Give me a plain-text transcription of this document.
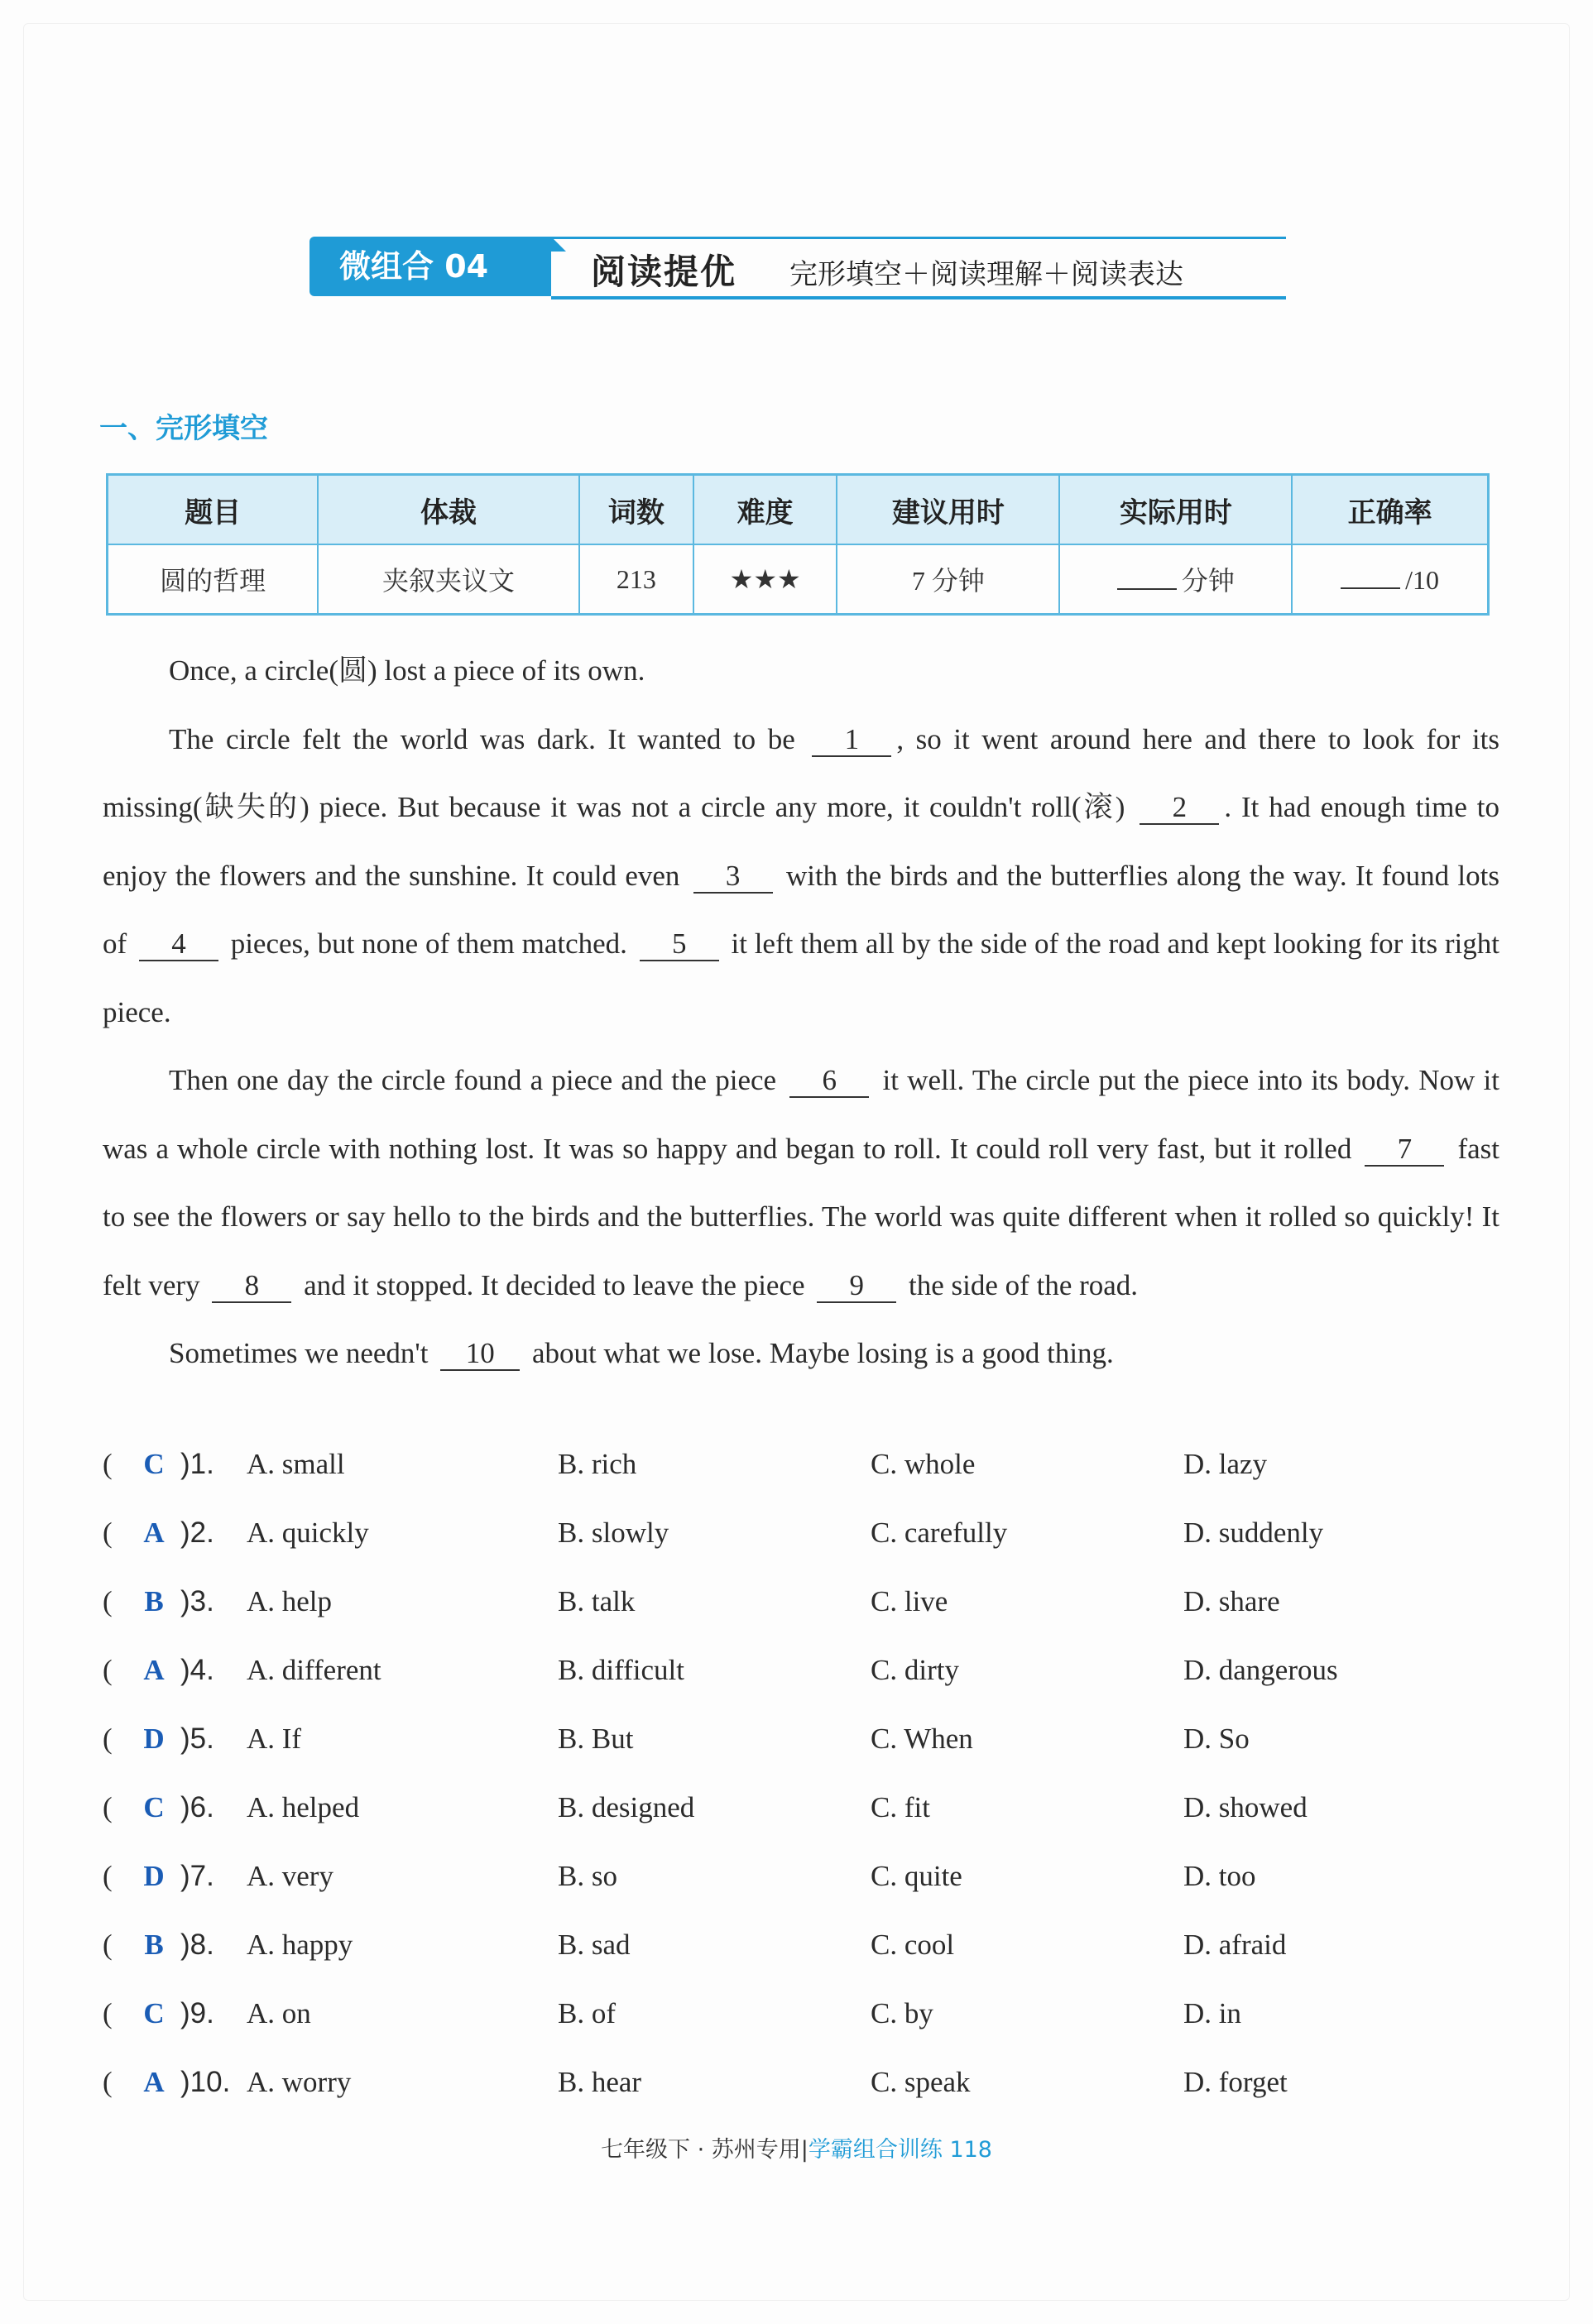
微组合 04	阅读提优 完形填空＋阅读理解＋阅读表达
一、完形填空
题目	体裁	词数	难度	建议用时	实际用时	正确率
圆的哲理	夹叙夹议文	213	★★★	7 分钟	分钟	/10

Once, a circle(圆) lost a piece of its own.

The circle felt the world was dark. It wanted to be 1 , so it went around here and there to look for its missing(缺失的) piece. But because it was not a circle any more, it couldn't roll(滚) 2 . It had enough time to enjoy the flowers and the sunshine. It could even 3 with the birds and the butterflies along the way. It found lots of 4 pieces, but none of them matched. 5 it left them all by the side of the road and kept looking for its right piece.

Then one day the circle found a piece and the piece 6 it well. The circle put the piece into its body. Now it was a whole circle with nothing lost. It was so happy and began to roll. It could roll very fast, but it rolled 7 fast to see the flowers or say hello to the birds and the butterflies. The world was quite different when it rolled so quickly! It felt very 8 and it stopped. It decided to leave the piece 9 the side of the road.

Sometimes we needn't 10 about what we lose. Maybe losing is a good thing.

( C )1. A. small	B. rich	C. whole	D. lazy
( A )2. A. quickly	B. slowly	C. carefully	D. suddenly
( B )3. A. help	B. talk	C. live	D. share
( A )4. A. different	B. difficult	C. dirty	D. dangerous
( D )5. A. If	B. But	C. When	D. So
( C )6. A. helped	B. designed	C. fit	D. showed
( D )7. A. very	B. so	C. quite	D. too
( B )8. A. happy	B. sad	C. cool	D. afraid
( C )9. A. on	B. of	C. by	D. in
( A )10. A. worry	B. hear	C. speak	D. forget
七年级下 · 苏州专用|学霸组合训练 118
